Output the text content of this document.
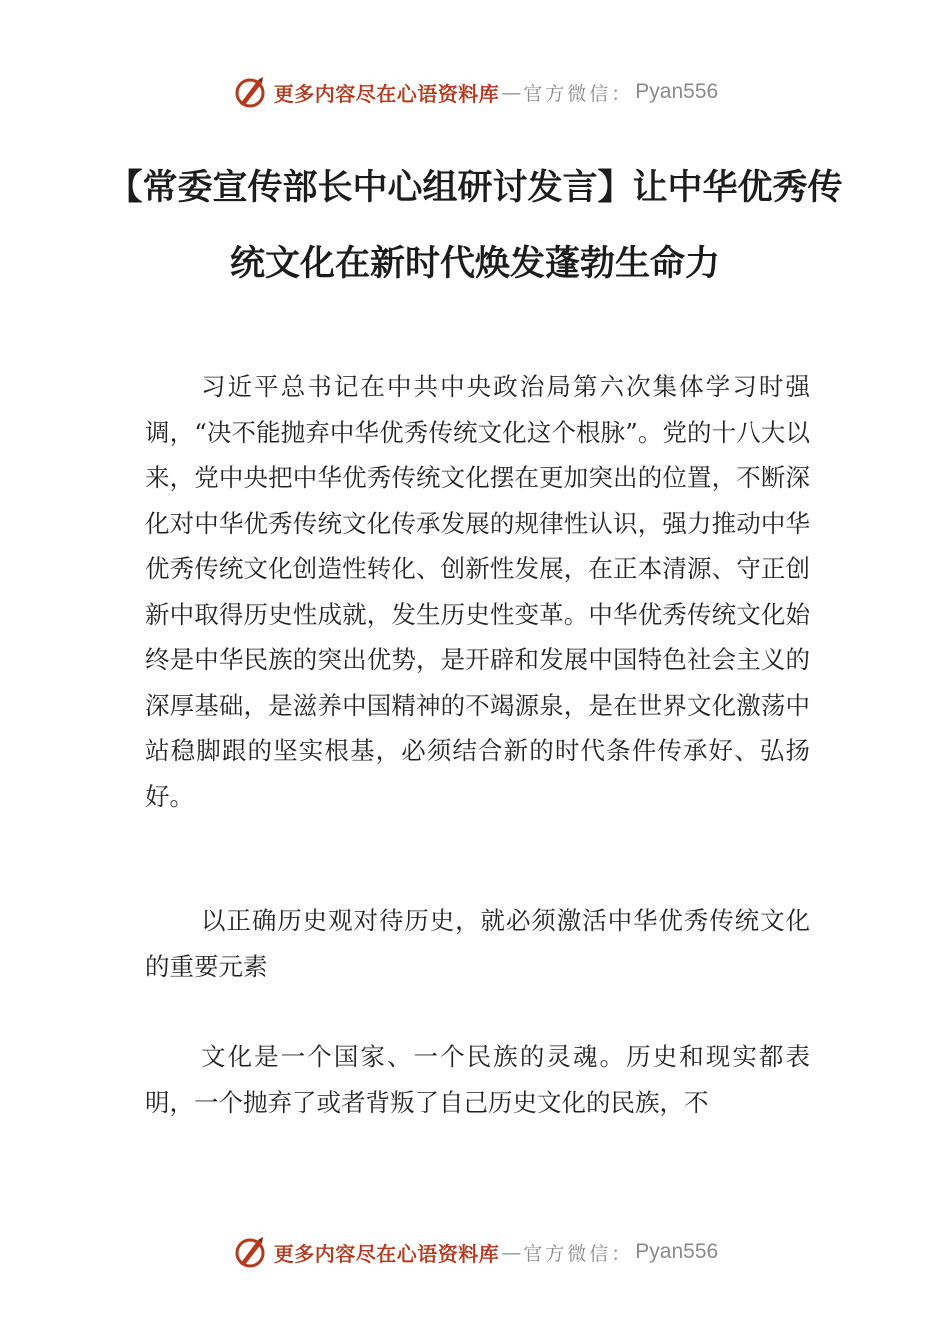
更多内容尽在心语资料库 — 官方微信： Pyan556
【常委宣传部长中心组研讨发言】让中华优秀传统文化在新时代焕发蓬勃生命力

习近平总书记在中共中央政治局第六次集体学习时强调，“决不能抛弃中华优秀传统文化这个根脉”。党的十八大以来，党中央把中华优秀传统文化摆在更加突出的位置，不断深化对中华优秀传统文化传承发展的规律性认识，强力推动中华优秀传统文化创造性转化、创新性发展，在正本清源、守正创新中取得历史性成就，发生历史性变革。中华优秀传统文化始终是中华民族的突出优势，是开辟和发展中国特色社会主义的深厚基础，是滋养中国精神的不竭源泉，是在世界文化激荡中站稳脚跟的坚实根基，必须结合新的时代条件传承好、弘扬好。

以正确历史观对待历史，就必须激活中华优秀传统文化的重要元素

文化是一个国家、一个民族的灵魂。历史和现实都表明，一个抛弃了或者背叛了自己历史文化的民族，不

更多内容尽在心语资料库 — 官方微信： Pyan556
